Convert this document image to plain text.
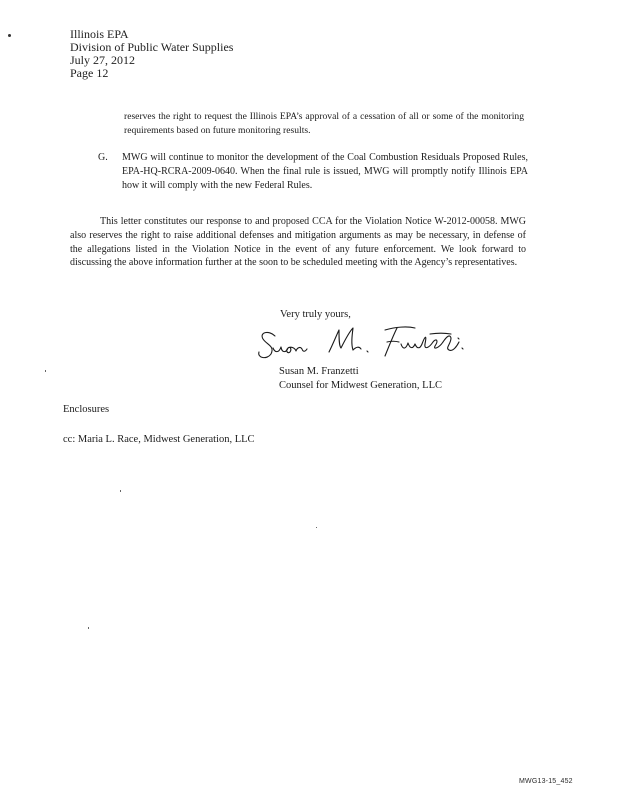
Illinois EPA
Division of Public Water Supplies
July 27, 2012
Page 12
reserves the right to request the Illinois EPA’s approval of a cessation of all or some of the monitoring requirements based on future monitoring results.
G. MWG will continue to monitor the development of the Coal Combustion Residuals Proposed Rules, EPA-HQ-RCRA-2009-0640. When the final rule is issued, MWG will promptly notify Illinois EPA how it will comply with the new Federal Rules.
This letter constitutes our response to and proposed CCA for the Violation Notice W-2012-00058. MWG also reserves the right to raise additional defenses and mitigation arguments as may be necessary, in defense of the allegations listed in the Violation Notice in the event of any future enforcement. We look forward to discussing the above information further at the soon to be scheduled meeting with the Agency’s representatives.
Very truly yours,
Susan M. Franzetti
Counsel for Midwest Generation, LLC
Enclosures
cc: Maria L. Race, Midwest Generation, LLC
MWG13-15_452
